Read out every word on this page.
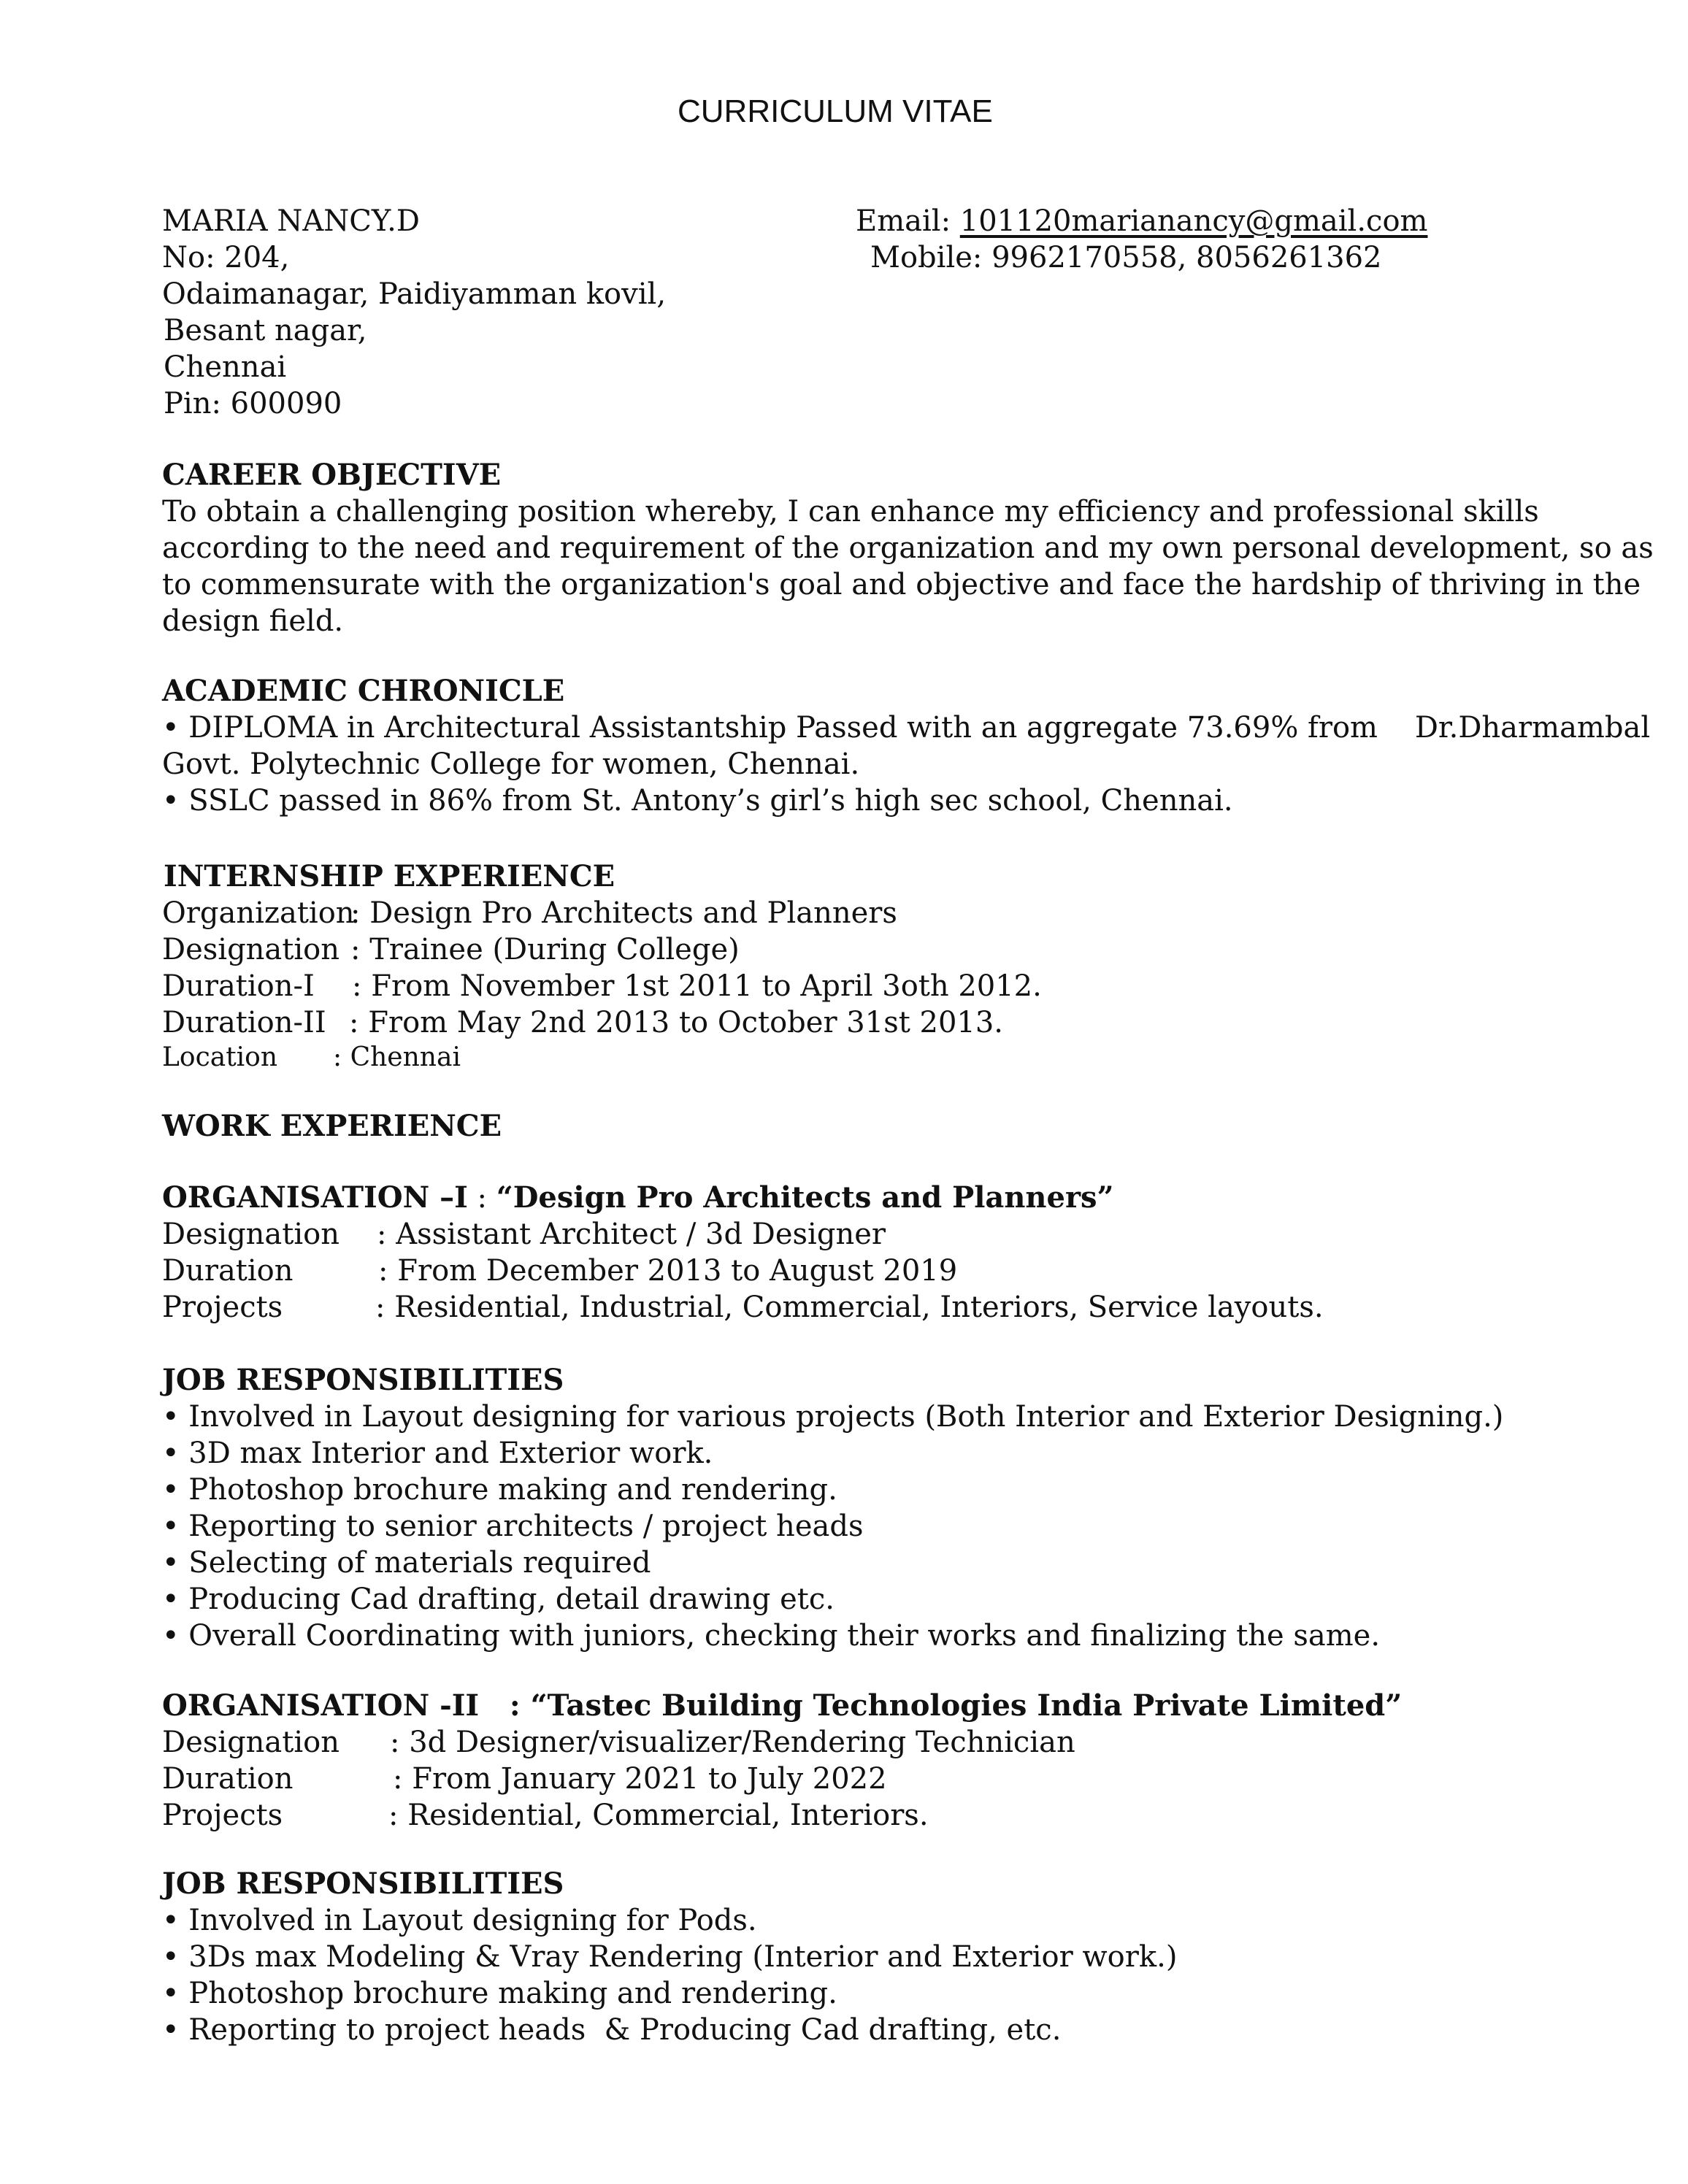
CURRICULUM VITAE
MARIA NANCY.D
No: 204,
Odaimanagar, Paidiyamman kovil,
Besant nagar,
Chennai
Pin: 600090
Email: 101120marianancy@gmail.com
Mobile: 9962170558, 8056261362
CAREER OBJECTIVE
To obtain a challenging position whereby, I can enhance my efficiency and professional skills
according to the need and requirement of the organization and my own personal development, so as
to commensurate with the organization's goal and objective and face the hardship of thriving in the
design field.
ACADEMIC CHRONICLE
• DIPLOMA in Architectural Assistantship Passed with an aggregate 73.69% from    Dr.Dharmambal
Govt. Polytechnic College for women, Chennai.
• SSLC passed in 86% from St. Antony’s girl’s high sec school, Chennai.
INTERNSHIP EXPERIENCE
Organization
: Design Pro Architects and Planners
Designation : Trainee (During College)
Duration-I : From November 1st 2011 to April 3oth 2012.
Duration-II : From May 2nd 2013 to October 31st 2013.
Location : Chennai
WORK EXPERIENCE
ORGANISATION –I : “Design Pro Architects and Planners”
Designation : Assistant Architect / 3d Designer
Duration	: From December 2013 to August 2019
Projects	: Residential, Industrial, Commercial, Interiors, Service layouts.
JOB RESPONSIBILITIES
• Involved in Layout designing for various projects (Both Interior and Exterior Designing.)
• 3D max Interior and Exterior work.
• Photoshop brochure making and rendering.
• Reporting to senior architects / project heads
• Selecting of materials required
• Producing Cad drafting, detail drawing etc.
• Overall Coordinating with juniors, checking their works and finalizing the same.
ORGANISATION -II   : “Tastec Building Technologies India Private Limited”
Designation : 3d Designer/visualizer/Rendering Technician
Duration	: From January 2021 to July 2022
Projects	: Residential, Commercial, Interiors.
JOB RESPONSIBILITIES
• Involved in Layout designing for Pods.
• 3Ds max Modeling & Vray Rendering (Interior and Exterior work.)
• Photoshop brochure making and rendering.
• Reporting to project heads  & Producing Cad drafting, etc.
